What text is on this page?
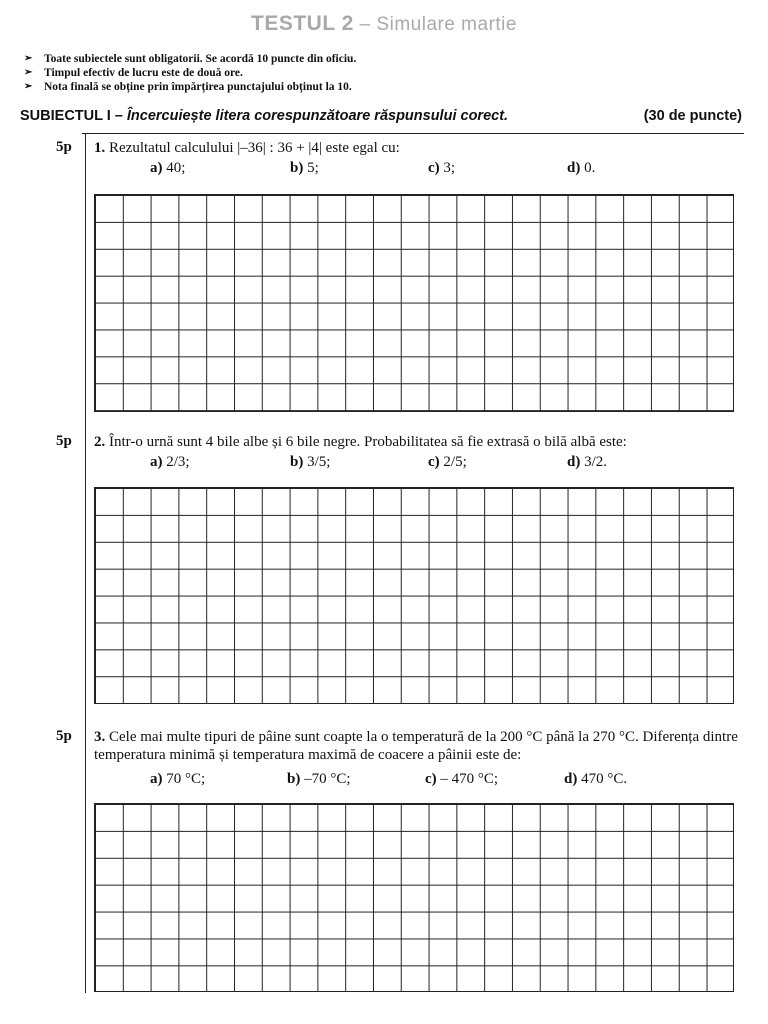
TESTUL 2 – Simulare martie
➢	Toate subiectele sunt obligatorii. Se acordă 10 puncte din oficiu.
➢	Timpul efectiv de lucru este de două ore.
➢	Nota finală se obține prin împărțirea punctajului obținut la 10.
SUBIECTUL I – Încercuiește litera corespunzătoare răspunsului corect.	(30 de puncte)
5p 1. Rezultatul calculului |–36| : 36 + |4| este egal cu:
a) 40;	b) 5;	c) 3;	d) 0.
5p 2. Într-o urnă sunt 4 bile albe și 6 bile negre. Probabilitatea să fie extrasă o bilă albă este:
a) 2/3;	b) 3/5;	c) 2/5;	d) 3/2.
5p 3. Cele mai multe tipuri de pâine sunt coapte la o temperatură de la 200 °C până la 270 °C. Diferența dintre temperatura minimă și temperatura maximă de coacere a pâinii este de:
a) 70 °C;	b) –70 °C;	c) – 470 °C;	d) 470 °C.
